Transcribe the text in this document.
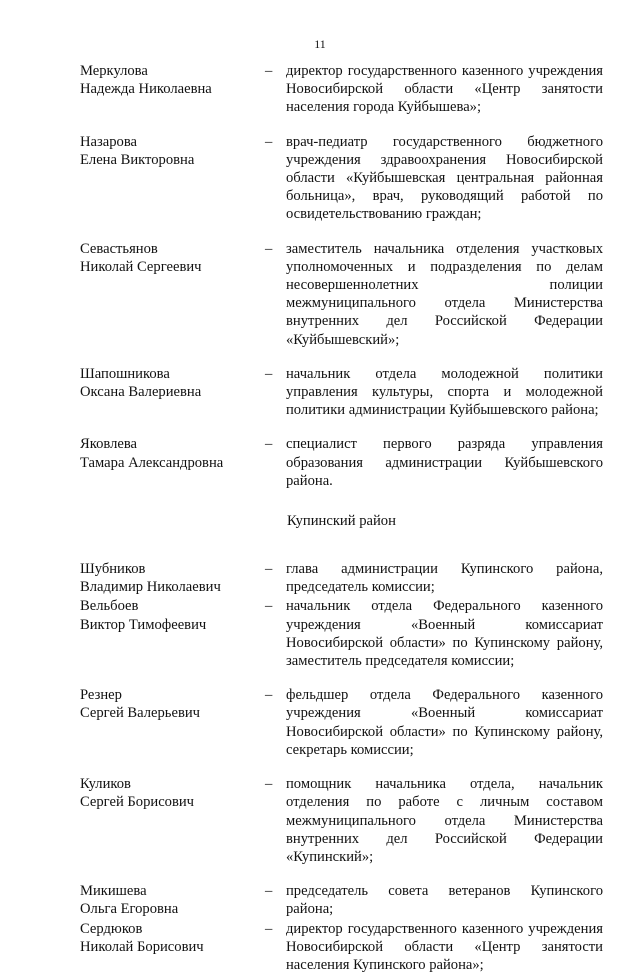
11
Меркулова
Надежда Николаевна
– директор государственного казенного учреждения Новосибирской области «Центр занятости населения города Куйбышева»;
Назарова
Елена Викторовна
– врач-педиатр государственного бюджетного учреждения здравоохранения Новосибирской области «Куйбышевская центральная районная больница», врач, руководящий работой по освидетельствованию граждан;
Севастьянов
Николай Сергеевич
– заместитель начальника отделения участковых уполномоченных и подразделения по делам несовершеннолетних полиции межмуниципального отдела Министерства внутренних дел Российской Федерации «Куйбышевский»;
Шапошникова
Оксана Валериевна
– начальник отдела молодежной политики управления культуры, спорта и молодежной политики администрации Куйбышевского района;
Яковлева
Тамара Александровна
– специалист первого разряда управления образования администрации Куйбышевского района.
Купинский район
Шубников
Владимир Николаевич
– глава администрации Купинского района, председатель комиссии;
Вельбоев
Виктор Тимофеевич
– начальник отдела Федерального казенного учреждения «Военный комиссариат Новосибирской области» по Купинскому району, заместитель председателя комиссии;
Резнер
Сергей Валерьевич
– фельдшер отдела Федерального казенного учреждения «Военный комиссариат Новосибирской области» по Купинскому району, секретарь комиссии;
Куликов
Сергей Борисович
– помощник начальника отдела, начальник отделения по работе с личным составом межмуниципального отдела Министерства внутренних дел Российской Федерации «Купинский»;
Микишева
Ольга Егоровна
– председатель совета ветеранов Купинского района;
Сердюков
Николай Борисович
– директор государственного казенного учреждения Новосибирской области «Центр занятости населения Купинского района»;
